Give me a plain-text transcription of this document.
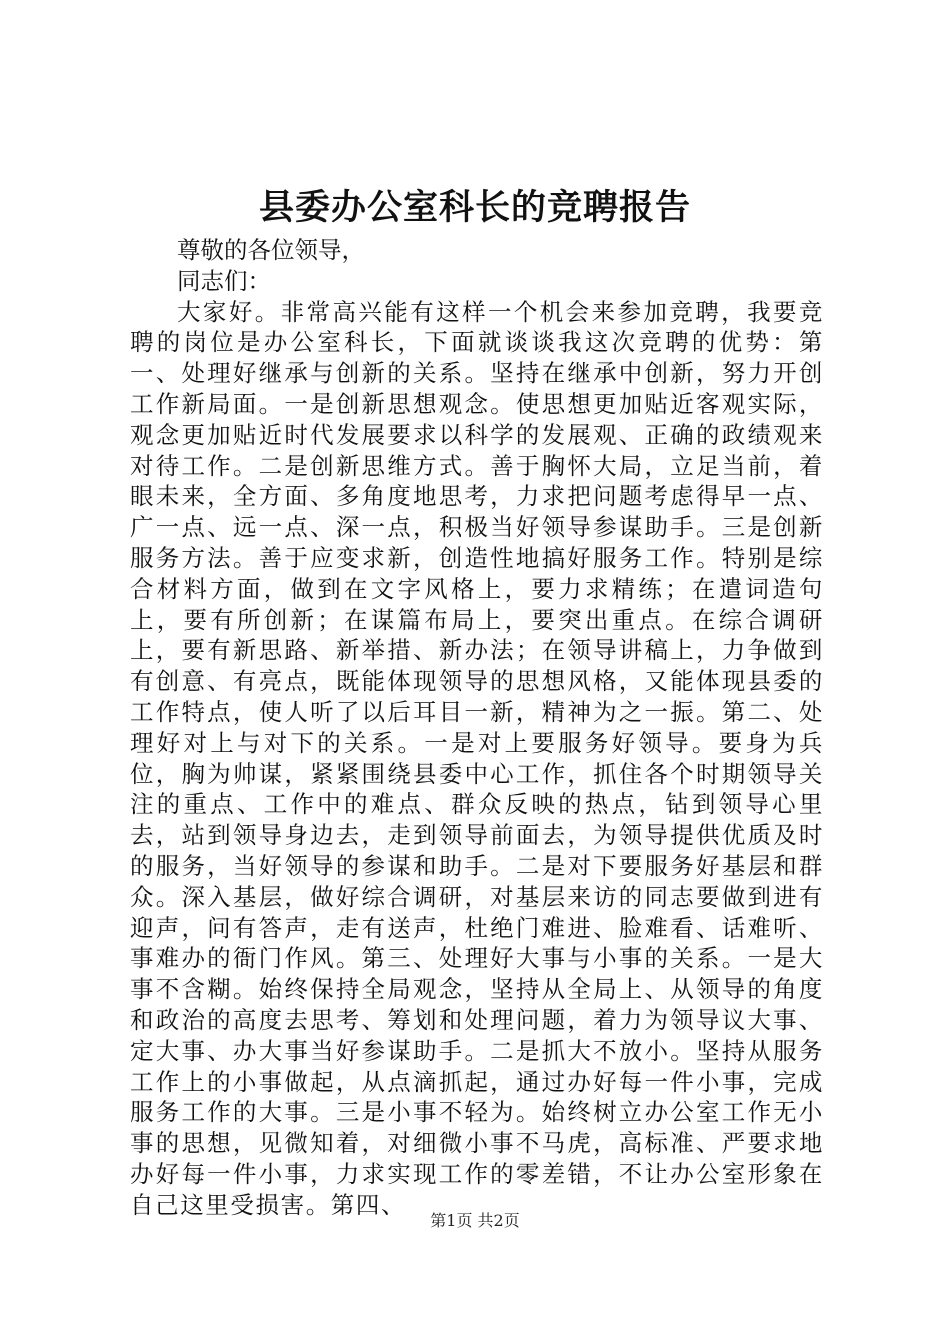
县委办公室科长的竞聘报告

尊敬的各位领导，

同志们：

大家好。非常高兴能有这样一个机会来参加竞聘，我要竞聘的岗位是办公室科长，下面就谈谈我这次竞聘的优势：第一、处理好继承与创新的关系。坚持在继承中创新，努力开创工作新局面。一是创新思想观念。使思想更加贴近客观实际，观念更加贴近时代发展要求以科学的发展观、正确的政绩观来对待工作。二是创新思维方式。善于胸怀大局，立足当前，着眼未来，全方面、多角度地思考，力求把问题考虑得早一点、广一点、远一点、深一点，积极当好领导参谋助手。三是创新服务方法。善于应变求新，创造性地搞好服务工作。特别是综合材料方面，做到在文字风格上，要力求精练；在遣词造句上，要有所创新；在谋篇布局上，要突出重点。在综合调研上，要有新思路、新举措、新办法；在领导讲稿上，力争做到有创意、有亮点，既能体现领导的思想风格，又能体现县委的工作特点，使人听了以后耳目一新，精神为之一振。第二、处理好对上与对下的关系。一是对上要服务好领导。要身为兵位，胸为帅谋，紧紧围绕县委中心工作，抓住各个时期领导关注的重点、工作中的难点、群众反映的热点，钻到领导心里去，站到领导身边去，走到领导前面去，为领导提供优质及时的服务，当好领导的参谋和助手。二是对下要服务好基层和群众。深入基层，做好综合调研，对基层来访的同志要做到进有迎声，问有答声，走有送声，杜绝门难进、脸难看、话难听、事难办的衙门作风。第三、处理好大事与小事的关系。一是大事不含糊。始终保持全局观念，坚持从全局上、从领导的角度和政治的高度去思考、筹划和处理问题，着力为领导议大事、定大事、办大事当好参谋助手。二是抓大不放小。坚持从服务工作上的小事做起，从点滴抓起，通过办好每一件小事，完成服务工作的大事。三是小事不轻为。始终树立办公室工作无小事的思想，见微知着，对细微小事不马虎，高标准、严要求地办好每一件小事，力求实现工作的零差错，不让办公室形象在自己这里受损害。第四、

第1页 共2页
